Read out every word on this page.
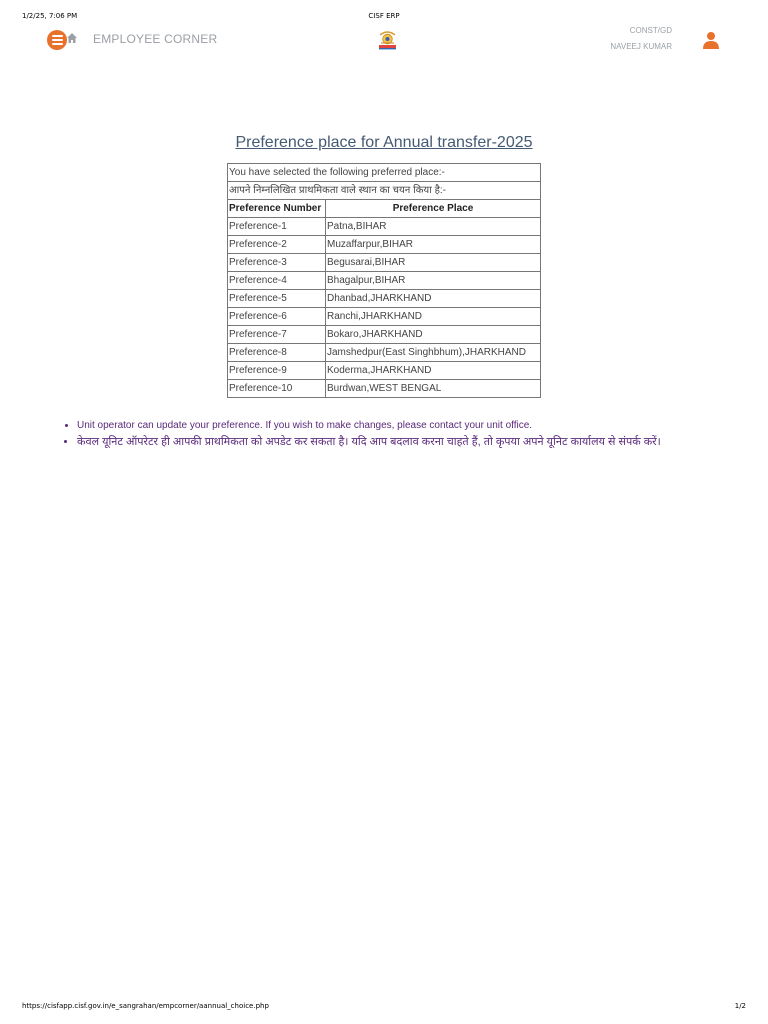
1/2/25, 7:06 PM	CISF ERP
EMPLOYEE CORNER
CONST/GD
NAVEEJ KUMAR
Preference place for Annual transfer-2025
You have selected the following preferred place:-	
आपने निम्नलिखित प्राथमिकता वाले स्थान का चयन किया है:-	
Preference Number	Preference Place
Preference-1	Patna,BIHAR
Preference-2	Muzaffarpur,BIHAR
Preference-3	Begusarai,BIHAR
Preference-4	Bhagalpur,BIHAR
Preference-5	Dhanbad,JHARKHAND
Preference-6	Ranchi,JHARKHAND
Preference-7	Bokaro,JHARKHAND
Preference-8	Jamshedpur(East Singhbhum),JHARKHAND
Preference-9	Koderma,JHARKHAND
Preference-10	Burdwan,WEST BENGAL
• Unit operator can update your preference. If you wish to make changes, please contact your unit office.
• केवल यूनिट ऑपरेटर ही आपकी प्राथमिकता को अपडेट कर सकता है। यदि आप बदलाव करना चाहते हैं, तो कृपया अपने यूनिट कार्यालय से संपर्क करें।
https://cisfapp.cisf.gov.in/e_sangrahan/empcorner/aannual_choice.php	1/2
